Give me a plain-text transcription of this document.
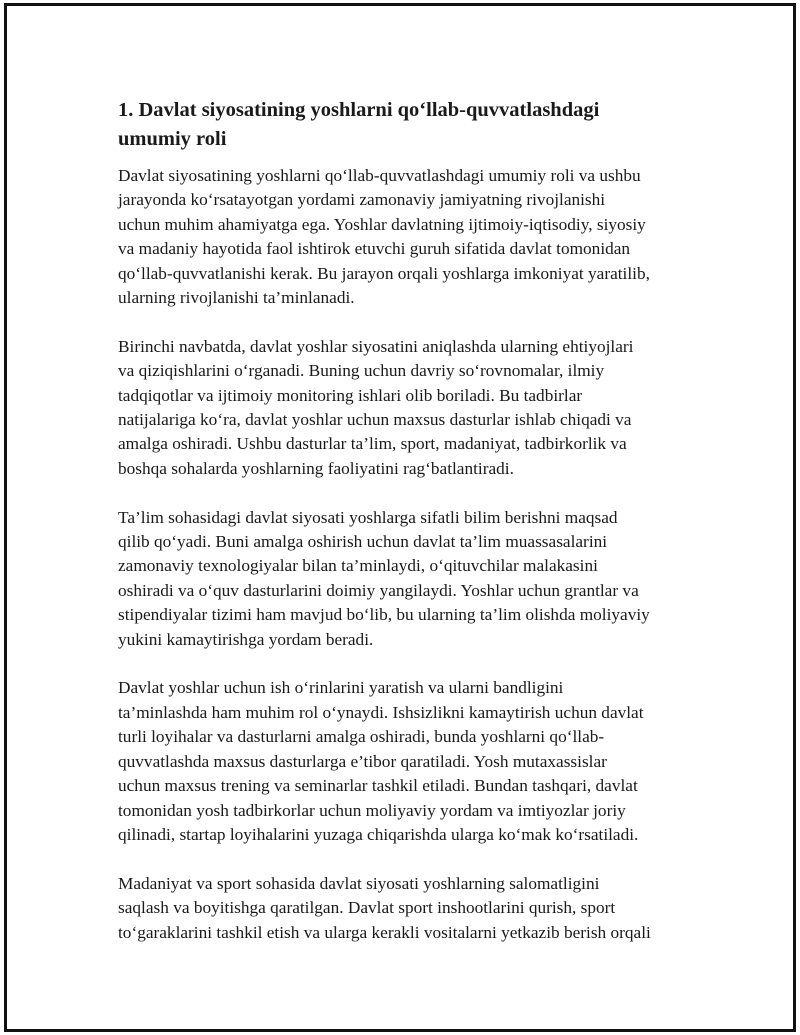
1. Davlat siyosatining yoshlarni qo‘llab-quvvatlashdagi
umumiy roli
Davlat siyosatining yoshlarni qo‘llab-quvvatlashdagi umumiy roli va ushbu
jarayonda ko‘rsatayotgan yordami zamonaviy jamiyatning rivojlanishi
uchun muhim ahamiyatga ega. Yoshlar davlatning ijtimoiy-iqtisodiy, siyosiy
va madaniy hayotida faol ishtirok etuvchi guruh sifatida davlat tomonidan
qo‘llab-quvvatlanishi kerak. Bu jarayon orqali yoshlarga imkoniyat yaratilib,
ularning rivojlanishi ta’minlanadi.
Birinchi navbatda, davlat yoshlar siyosatini aniqlashda ularning ehtiyojlari
va qiziqishlarini o‘rganadi. Buning uchun davriy so‘rovnomalar, ilmiy
tadqiqotlar va ijtimoiy monitoring ishlari olib boriladi. Bu tadbirlar
natijalariga ko‘ra, davlat yoshlar uchun maxsus dasturlar ishlab chiqadi va
amalga oshiradi. Ushbu dasturlar ta’lim, sport, madaniyat, tadbirkorlik va
boshqa sohalarda yoshlarning faoliyatini rag‘batlantiradi.
Ta’lim sohasidagi davlat siyosati yoshlarga sifatli bilim berishni maqsad
qilib qo‘yadi. Buni amalga oshirish uchun davlat ta’lim muassasalarini
zamonaviy texnologiyalar bilan ta’minlaydi, o‘qituvchilar malakasini
oshiradi va o‘quv dasturlarini doimiy yangilaydi. Yoshlar uchun grantlar va
stipendiyalar tizimi ham mavjud bo‘lib, bu ularning ta’lim olishda moliyaviy
yukini kamaytirishga yordam beradi.
Davlat yoshlar uchun ish o‘rinlarini yaratish va ularni bandligini
ta’minlashda ham muhim rol o‘ynaydi. Ishsizlikni kamaytirish uchun davlat
turli loyihalar va dasturlarni amalga oshiradi, bunda yoshlarni qo‘llab-
quvvatlashda maxsus dasturlarga e’tibor qaratiladi. Yosh mutaxassislar
uchun maxsus trening va seminarlar tashkil etiladi. Bundan tashqari, davlat
tomonidan yosh tadbirkorlar uchun moliyaviy yordam va imtiyozlar joriy
qilinadi, startap loyihalarini yuzaga chiqarishda ularga ko‘mak ko‘rsatiladi.
Madaniyat va sport sohasida davlat siyosati yoshlarning salomatligini
saqlash va boyitishga qaratilgan. Davlat sport inshootlarini qurish, sport
to‘garaklarini tashkil etish va ularga kerakli vositalarni yetkazib berish orqali
